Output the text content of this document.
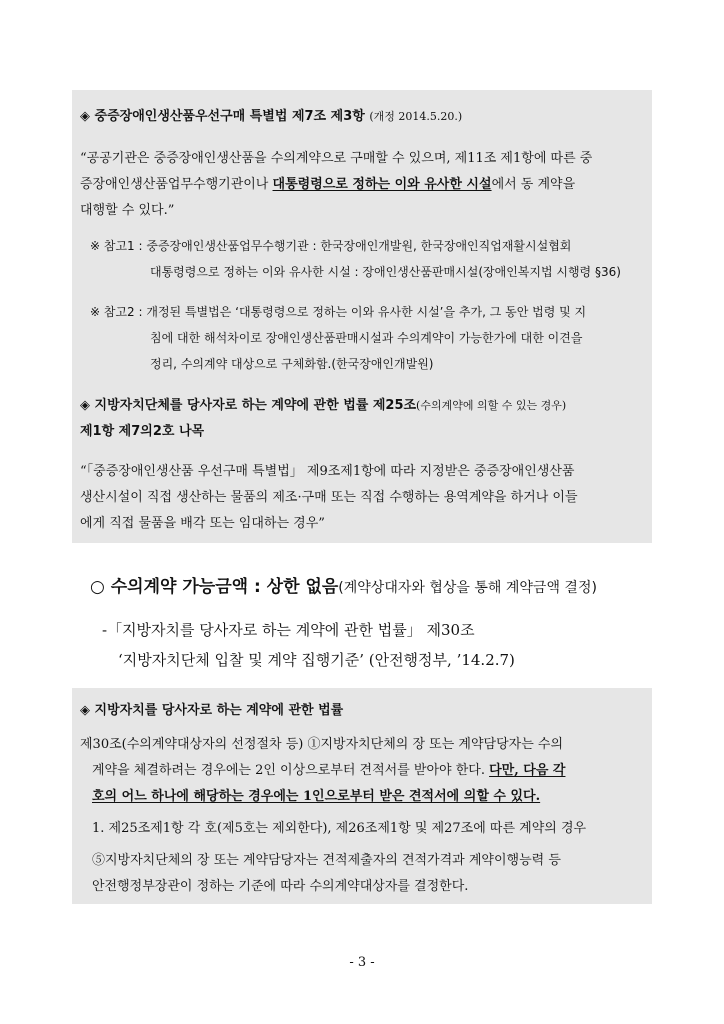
◈ 중증장애인생산품우선구매 특별법 제7조 제3항 (개정 2014.5.20.)
“공공기관은 중증장애인생산품을 수의계약으로 구매할 수 있으며, 제11조 제1항에 따른 중
증장애인생산품업무수행기관이나 대통령령으로 정하는 이와 유사한 시설에서 동 계약을
대행할 수 있다.”
※ 참고1 : 중증장애인생산품업무수행기관 : 한국장애인개발원, 한국장애인직업재활시설협회
대통령령으로 정하는 이와 유사한 시설 : 장애인생산품판매시설(장애인복지법 시행령 §36)
※ 참고2 : 개정된 특별법은 ‘대통령령으로 정하는 이와 유사한 시설’을 추가, 그 동안 법령 및 지
침에 대한 해석차이로 장애인생산품판매시설과 수의계약이 가능한가에 대한 이견을
정리, 수의계약 대상으로 구체화함.(한국장애인개발원)
◈ 지방자치단체를 당사자로 하는 계약에 관한 법률 제25조(수의계약에 의할 수 있는 경우)
제1항 제7의2호 나목
“「중증장애인생산품 우선구매 특별법」 제9조제1항에 따라 지정받은 중증장애인생산품
생산시설이 직접 생산하는 물품의 제조·구매 또는 직접 수행하는 용역계약을 하거나 이들
에게 직접 물품을 배각 또는 임대하는 경우”
○ 수의계약 가능금액 : 상한 없음(계약상대자와 협상을 통해 계약금액 결정)
-「지방자치를 당사자로 하는 계약에 관한 법률」 제30조
‘지방자치단체 입찰 및 계약 집행기준’ (안전행정부, ’14.2.7)
◈ 지방자치를 당사자로 하는 계약에 관한 법률
제30조(수의계약대상자의 선정절차 등) ①지방자치단체의 장 또는 계약담당자는 수의
계약을 체결하려는 경우에는 2인 이상으로부터 견적서를 받아야 한다. 다만, 다음 각
호의 어느 하나에 해당하는 경우에는 1인으로부터 받은 견적서에 의할 수 있다.
1. 제25조제1항 각 호(제5호는 제외한다), 제26조제1항 및 제27조에 따른 계약의 경우
⑤지방자치단체의 장 또는 계약담당자는 견적제출자의 견적가격과 계약이행능력 등
안전행정부장관이 정하는 기준에 따라 수의계약대상자를 결정한다.
- 3 -
